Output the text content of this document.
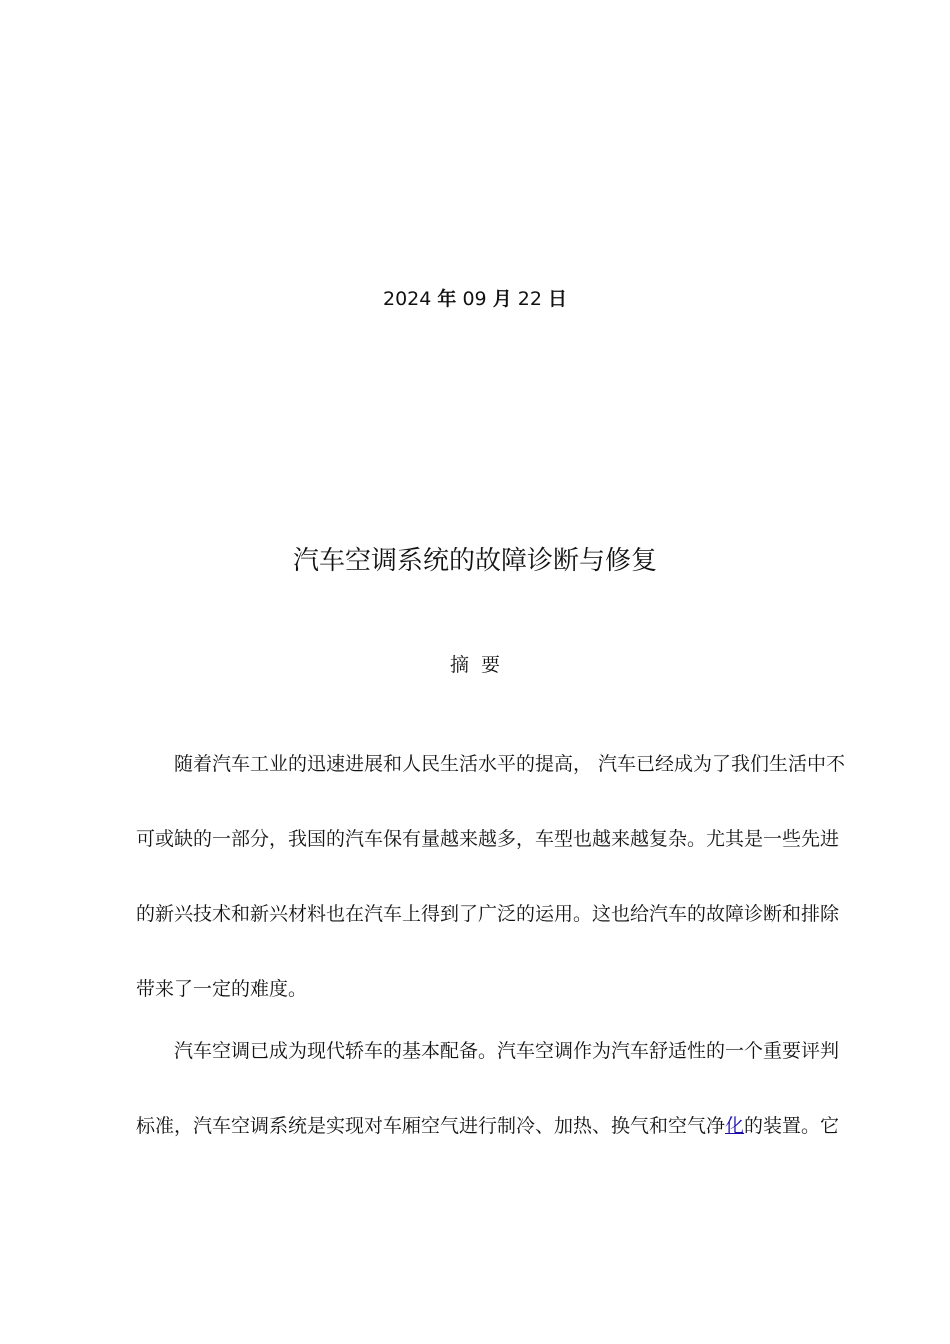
2024 年 09 月 22 日
汽车空调系统的故障诊断与修复
摘  要
随着汽车工业的迅速进展和人民生活水平的提高， 汽车已经成为了我们生活中不
可或缺的一部分，我国的汽车保有量越来越多，车型也越来越复杂。尤其是一些先进
的新兴技术和新兴材料也在汽车上得到了广泛的运用。这也给汽车的故障诊断和排除
带来了一定的难度。
汽车空调已成为现代轿车的基本配备。汽车空调作为汽车舒适性的一个重要评判
标准，汽车空调系统是实现对车厢空气进行制冷、加热、换气和空气净化的装置。它
